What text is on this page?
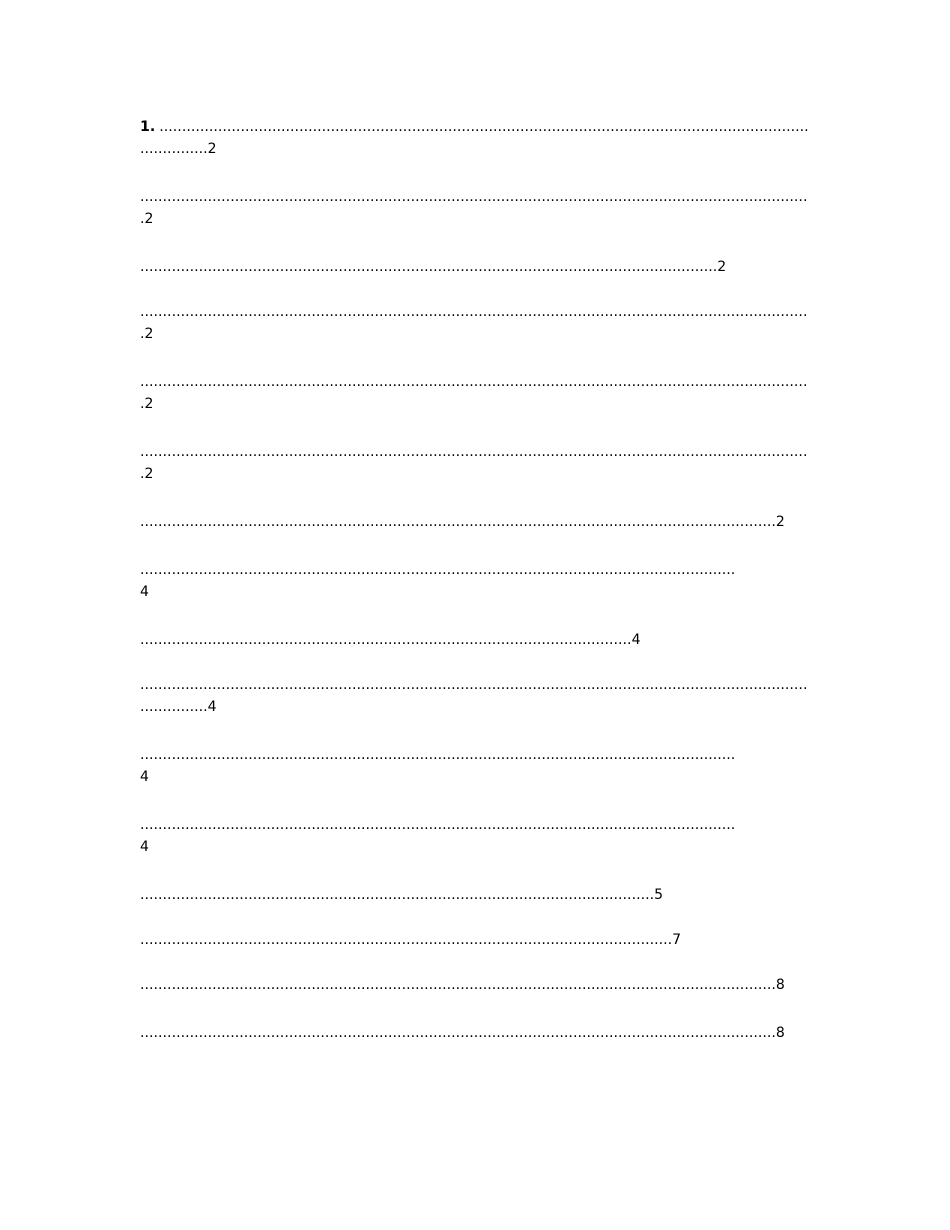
1. ...............................................................................................................................................................2
.....................................................................................................................................................2
................................................................................................................................2
.....................................................................................................................................................2
.....................................................................................................................................................2
.....................................................................................................................................................2
.............................................................................................................................................2
....................................................................................................................................
4
.............................................................................................................4
...................................................................................................................................................................4
....................................................................................................................................
4
....................................................................................................................................
4
..................................................................................................................5
......................................................................................................................7
.............................................................................................................................................8
.............................................................................................................................................8
